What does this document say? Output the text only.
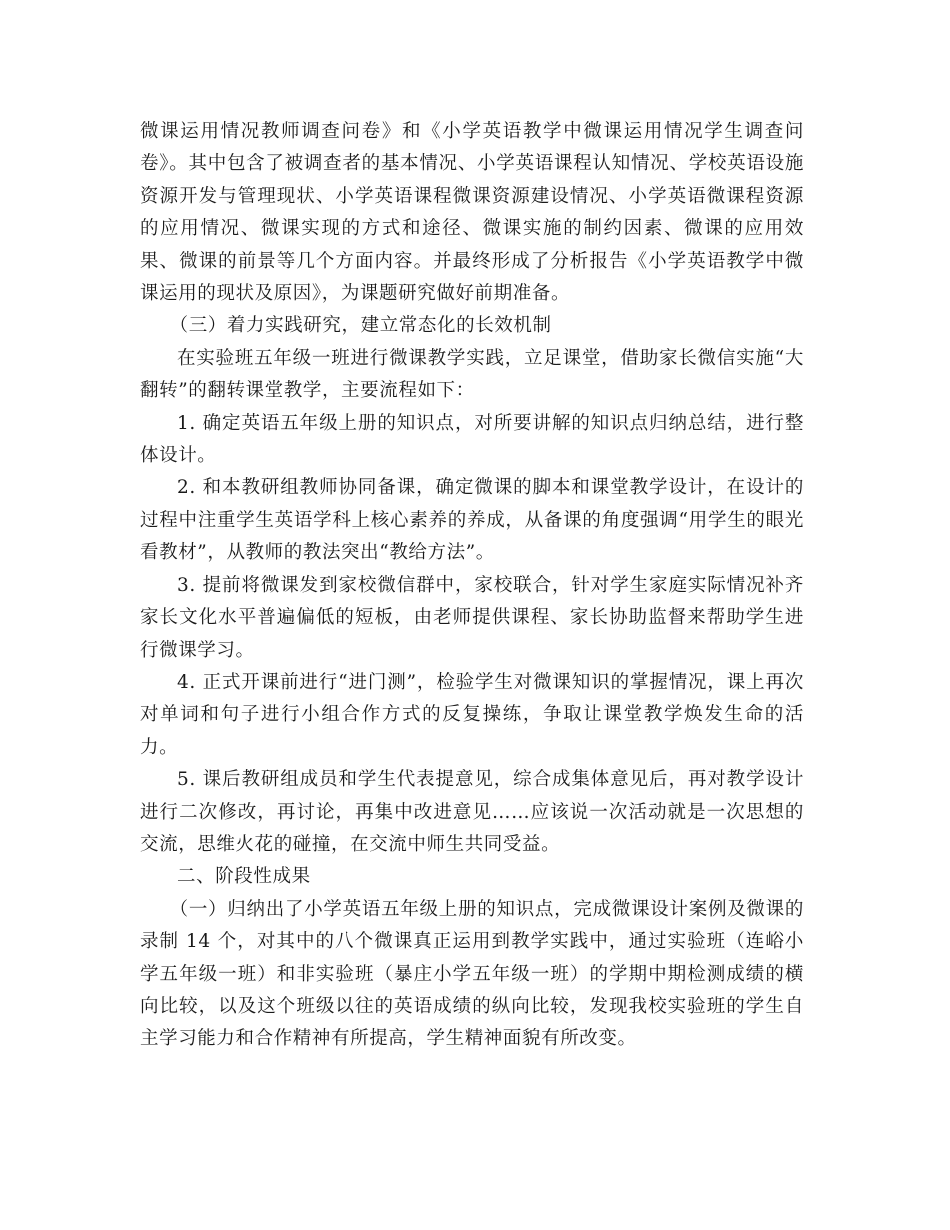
微课运用情况教师调查问卷》和《小学英语教学中微课运用情况学生调查问卷》。其中包含了被调查者的基本情况、小学英语课程认知情况、学校英语设施资源开发与管理现状、小学英语课程微课资源建设情况、小学英语微课程资源的应用情况、微课实现的方式和途径、微课实施的制约因素、微课的应用效果、微课的前景等几个方面内容。并最终形成了分析报告《小学英语教学中微课运用的现状及原因》，为课题研究做好前期准备。

（三）着力实践研究，建立常态化的长效机制

在实验班五年级一班进行微课教学实践，立足课堂，借助家长微信实施“大翻转”的翻转课堂教学，主要流程如下：

1. 确定英语五年级上册的知识点，对所要讲解的知识点归纳总结，进行整体设计。

2. 和本教研组教师协同备课，确定微课的脚本和课堂教学设计，在设计的过程中注重学生英语学科上核心素养的养成，从备课的角度强调“用学生的眼光看教材”，从教师的教法突出“教给方法”。

3. 提前将微课发到家校微信群中，家校联合，针对学生家庭实际情况补齐家长文化水平普遍偏低的短板，由老师提供课程、家长协助监督来帮助学生进行微课学习。

4. 正式开课前进行“进门测”，检验学生对微课知识的掌握情况，课上再次对单词和句子进行小组合作方式的反复操练，争取让课堂教学焕发生命的活力。

5. 课后教研组成员和学生代表提意见，综合成集体意见后，再对教学设计进行二次修改，再讨论，再集中改进意见……应该说一次活动就是一次思想的交流，思维火花的碰撞，在交流中师生共同受益。

二、阶段性成果

（一）归纳出了小学英语五年级上册的知识点，完成微课设计案例及微课的录制 14 个，对其中的八个微课真正运用到教学实践中，通过实验班（连峪小学五年级一班）和非实验班（暴庄小学五年级一班）的学期中期检测成绩的横向比较，以及这个班级以往的英语成绩的纵向比较，发现我校实验班的学生自主学习能力和合作精神有所提高，学生精神面貌有所改变。
